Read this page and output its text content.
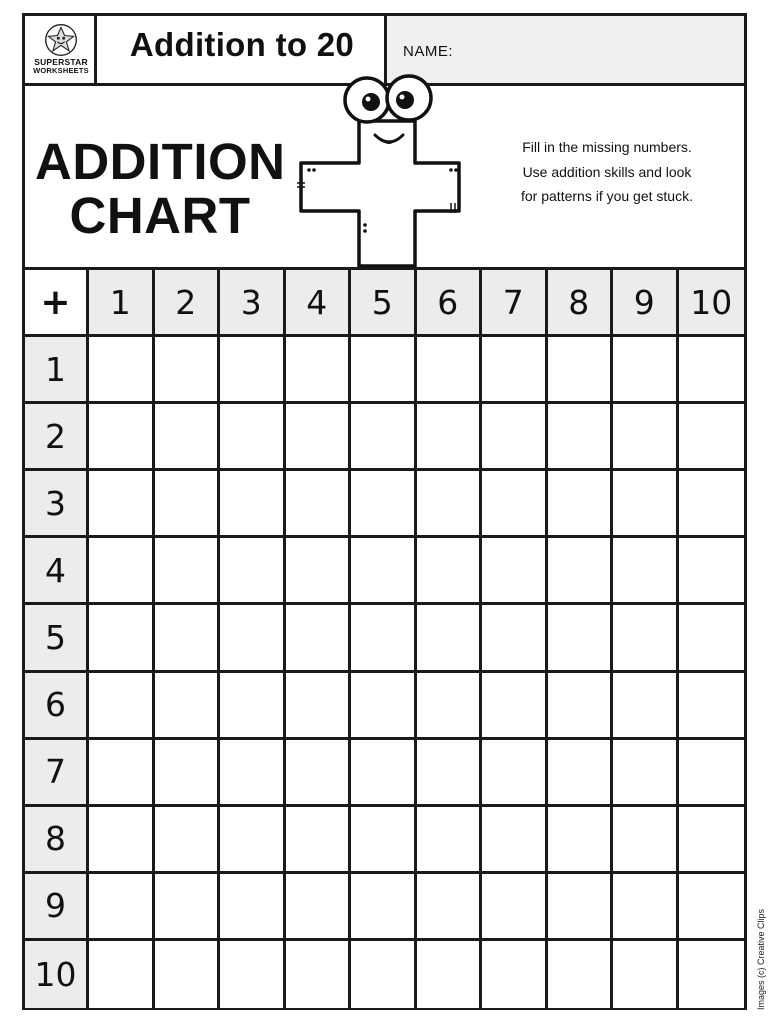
SUPERSTAR
WORKSHEETS
Addition to 20	NAME:
ADDITION
CHART
Fill in the missing numbers.
Use addition skills and look
for patterns if you get stuck.
+	1	2	3	4	5	6	7	8	9	10
1
2
3
4
5
6
7
8
9
10	Images (c) Creative Clips
